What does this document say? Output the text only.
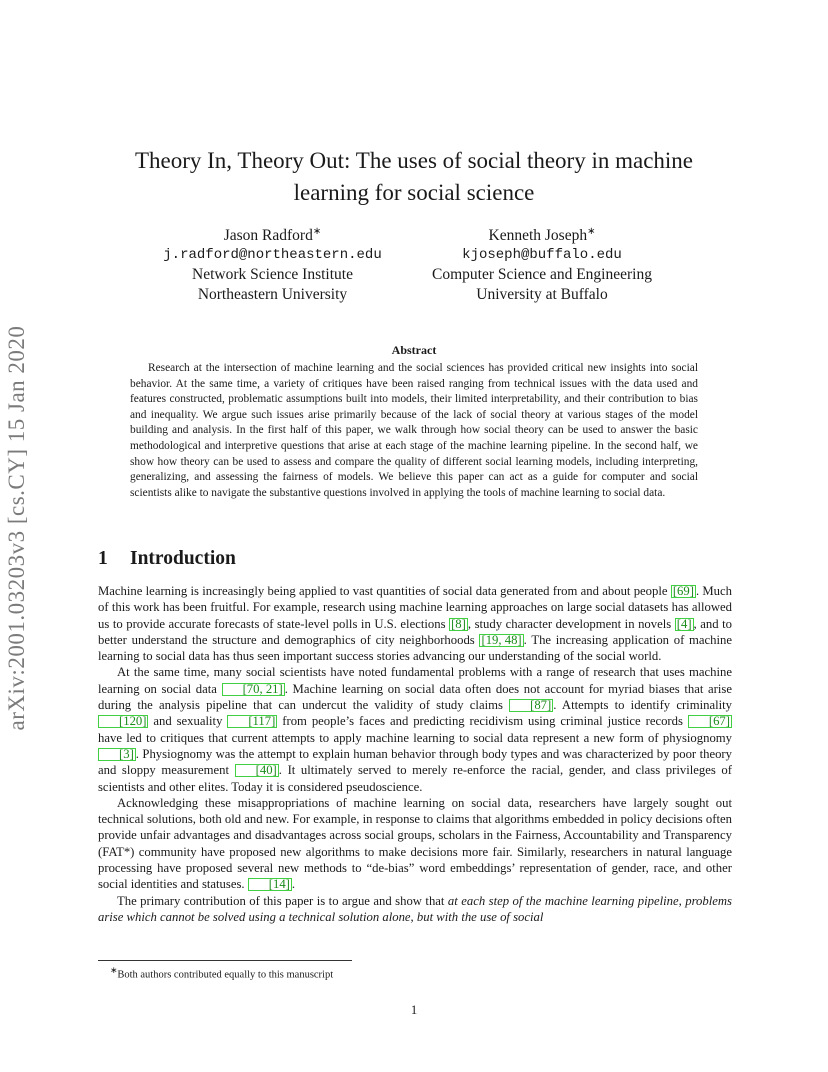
arXiv:2001.03203v3 [cs.CY] 15 Jan 2020
Theory In, Theory Out: The uses of social theory in machine learning for social science
Jason Radford∗
j.radford@northeastern.edu
Network Science Institute
Northeastern University
Kenneth Joseph∗
kjoseph@buffalo.edu
Computer Science and Engineering
University at Buffalo
Abstract
Research at the intersection of machine learning and the social sciences has provided critical new insights into social behavior. At the same time, a variety of critiques have been raised ranging from technical issues with the data used and features constructed, problematic assumptions built into models, their limited interpretability, and their contribution to bias and inequality. We argue such issues arise primarily because of the lack of social theory at various stages of the model building and analysis. In the first half of this paper, we walk through how social theory can be used to answer the basic methodological and interpretive questions that arise at each stage of the machine learning pipeline. In the second half, we show how theory can be used to assess and compare the quality of different social learning models, including interpreting, generalizing, and assessing the fairness of models. We believe this paper can act as a guide for computer and social scientists alike to navigate the substantive questions involved in applying the tools of machine learning to social data.
1 Introduction

Machine learning is increasingly being applied to vast quantities of social data generated from and about people [69] . Much of this work has been fruitful. For example, research using machine learning approaches on large social datasets has allowed us to provide accurate forecasts of state-level polls in U.S. elections [8] , study character development in novels [4] , and to better understand the structure and demographics of city neighborhoods [19, 48] . The increasing application of machine learning to social data has thus seen important success stories advancing our understanding of the social world.

At the same time, many social scientists have noted fundamental problems with a range of research that uses machine learning on social data [70, 21] . Machine learning on social data often does not account for myriad biases that arise during the analysis pipeline that can undercut the validity of study claims [87] . Attempts to identify criminality [120] and sexuality [117] from people’s faces and predicting recidivism using criminal justice records [67] have led to critiques that current attempts to apply machine learning to social data represent a new form of physiognomy [3] . Physiognomy was the attempt to explain human behavior through body types and was characterized by poor theory and sloppy measurement [40] . It ultimately served to merely re-enforce the racial, gender, and class privileges of scientists and other elites. Today it is considered pseudoscience.

Acknowledging these misappropriations of machine learning on social data, researchers have largely sought out technical solutions, both old and new. For example, in response to claims that algorithms embedded in policy decisions often provide unfair advantages and disadvantages across social groups, scholars in the Fairness, Accountability and Transparency (FAT*) community have proposed new algorithms to make decisions more fair. Similarly, researchers in natural language processing have proposed several new methods to “de-bias” word embeddings’ representation of gender, race, and other social identities and statuses. [14] .

The primary contribution of this paper is to argue and show that at each step of the machine learning pipeline, problems arise which cannot be solved using a technical solution alone, but with the use of social

∗Both authors contributed equally to this manuscript
1
